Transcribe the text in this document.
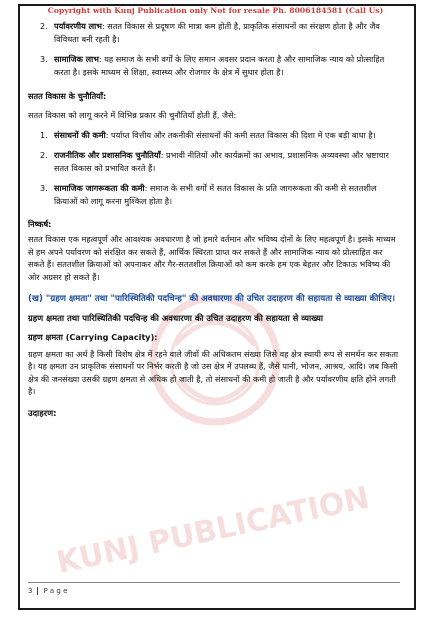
Copyright with Kunj Publication only Not for resale Ph. 8006184581 (Call Us)
KUNJ PUBLICATION
2. पर्यावरणीय लाभ: सतत विकास से प्रदूषण की मात्रा कम होती है, प्राकृतिक संसाधनों का संरक्षण होता है और जैव विविधता बनी रहती है।
3. सामाजिक लाभ: यह समाज के सभी वर्गों के लिए समान अवसर प्रदान करता है और सामाजिक न्याय को प्रोत्साहित करता है। इसके माध्यम से शिक्षा, स्वास्थ्य और रोजगार के क्षेत्र में सुधार होता है।
सतत विकास के चुनौतियाँ:
सतत विकास को लागू करने में विभिन्न प्रकार की चुनौतियाँ होती हैं, जैसे:
1. संसाधनों की कमी: पर्याप्त वित्तीय और तकनीकी संसाधनों की कमी सतत विकास की दिशा में एक बड़ी बाधा है।
2. राजनीतिक और प्रशासनिक चुनौतियाँ: प्रभावी नीतियों और कार्यक्रमों का अभाव, प्रशासनिक अव्यवस्था और भ्रष्टाचार सतत विकास को प्रभावित करते हैं।
3. सामाजिक जागरूकता की कमी: समाज के सभी वर्गों में सतत विकास के प्रति जागरूकता की कमी से सततशील क्रियाओं को लागू करना मुश्किल होता है।
निष्कर्ष:
सतत विकास एक महत्वपूर्ण और आवश्यक अवधारणा है जो हमारे वर्तमान और भविष्य दोनों के लिए महत्वपूर्ण है। इसके माध्यम से हम अपने पर्यावरण को संरक्षित कर सकते हैं, आर्थिक स्थिरता प्राप्त कर सकते हैं और सामाजिक न्याय को प्रोत्साहित कर सकते हैं। सततशील क्रियाओं को अपनाकर और गैर-सततशील क्रियाओं को कम करके हम एक बेहतर और टिकाऊ भविष्य की ओर अग्रसर हो सकते हैं।
(ख) "ग्रहण क्षमता" तथा "पारिस्थितिकी पदचिन्ह" की अवधारणा की उचित उदाहरण की सहायता से व्याख्या कीजिए।
ग्रहण क्षमता तथा पारिस्थितिकी पदचिन्ह की अवधारणा की उचित उदाहरण की सहायता से व्याख्या
ग्रहण क्षमता (Carrying Capacity):
ग्रहण क्षमता का अर्थ है किसी विशेष क्षेत्र में रहने वाले जीवों की अधिकतम संख्या जिसे वह क्षेत्र स्थायी रूप से समर्थन कर सकता है। यह क्षमता उन प्राकृतिक संसाधनों पर निर्भर करती है जो उस क्षेत्र में उपलब्ध हैं, जैसे पानी, भोजन, आश्रय, आदि। जब किसी क्षेत्र की जनसंख्या उसकी ग्रहण क्षमता से अधिक हो जाती है, तो संसाधनों की कमी हो जाती है और पर्यावरणीय क्षति होने लगती है।
उदाहरण:
3 P a g e
